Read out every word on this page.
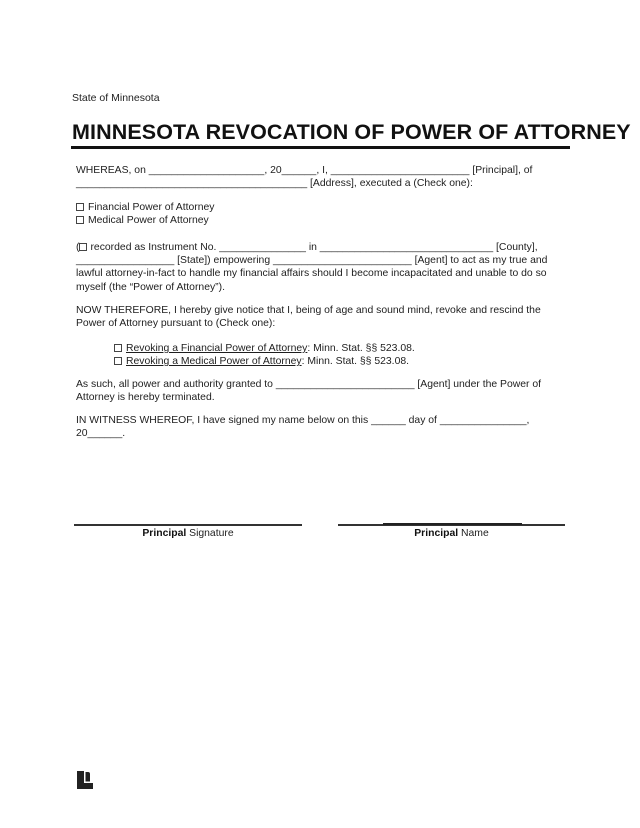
State of Minnesota
MINNESOTA REVOCATION OF POWER OF ATTORNEY
WHEREAS, on ____________________, 20______, I, ________________________ [Principal], of
________________________________________ [Address], executed a (Check one):
Financial Power of Attorney
Medical Power of Attorney
( recorded as Instrument No. _______________ in ______________________________ [County],
_________________ [State]) empowering ________________________ [Agent] to act as my true and
lawful attorney-in-fact to handle my financial affairs should I become incapacitated and unable to do so
myself (the “Power of Attorney”).
NOW THEREFORE, I hereby give notice that I, being of age and sound mind, revoke and rescind the
Power of Attorney pursuant to (Check one):
Revoking a Financial Power of Attorney: Minn. Stat. §§ 523.08.
Revoking a Medical Power of Attorney: Minn. Stat. §§ 523.08.
As such, all power and authority granted to ________________________ [Agent] under the Power of
Attorney is hereby terminated.
IN WITNESS WHEREOF, I have signed my name below on this ______ day of _______________,
20______.
Principal Signature	Principal Name
